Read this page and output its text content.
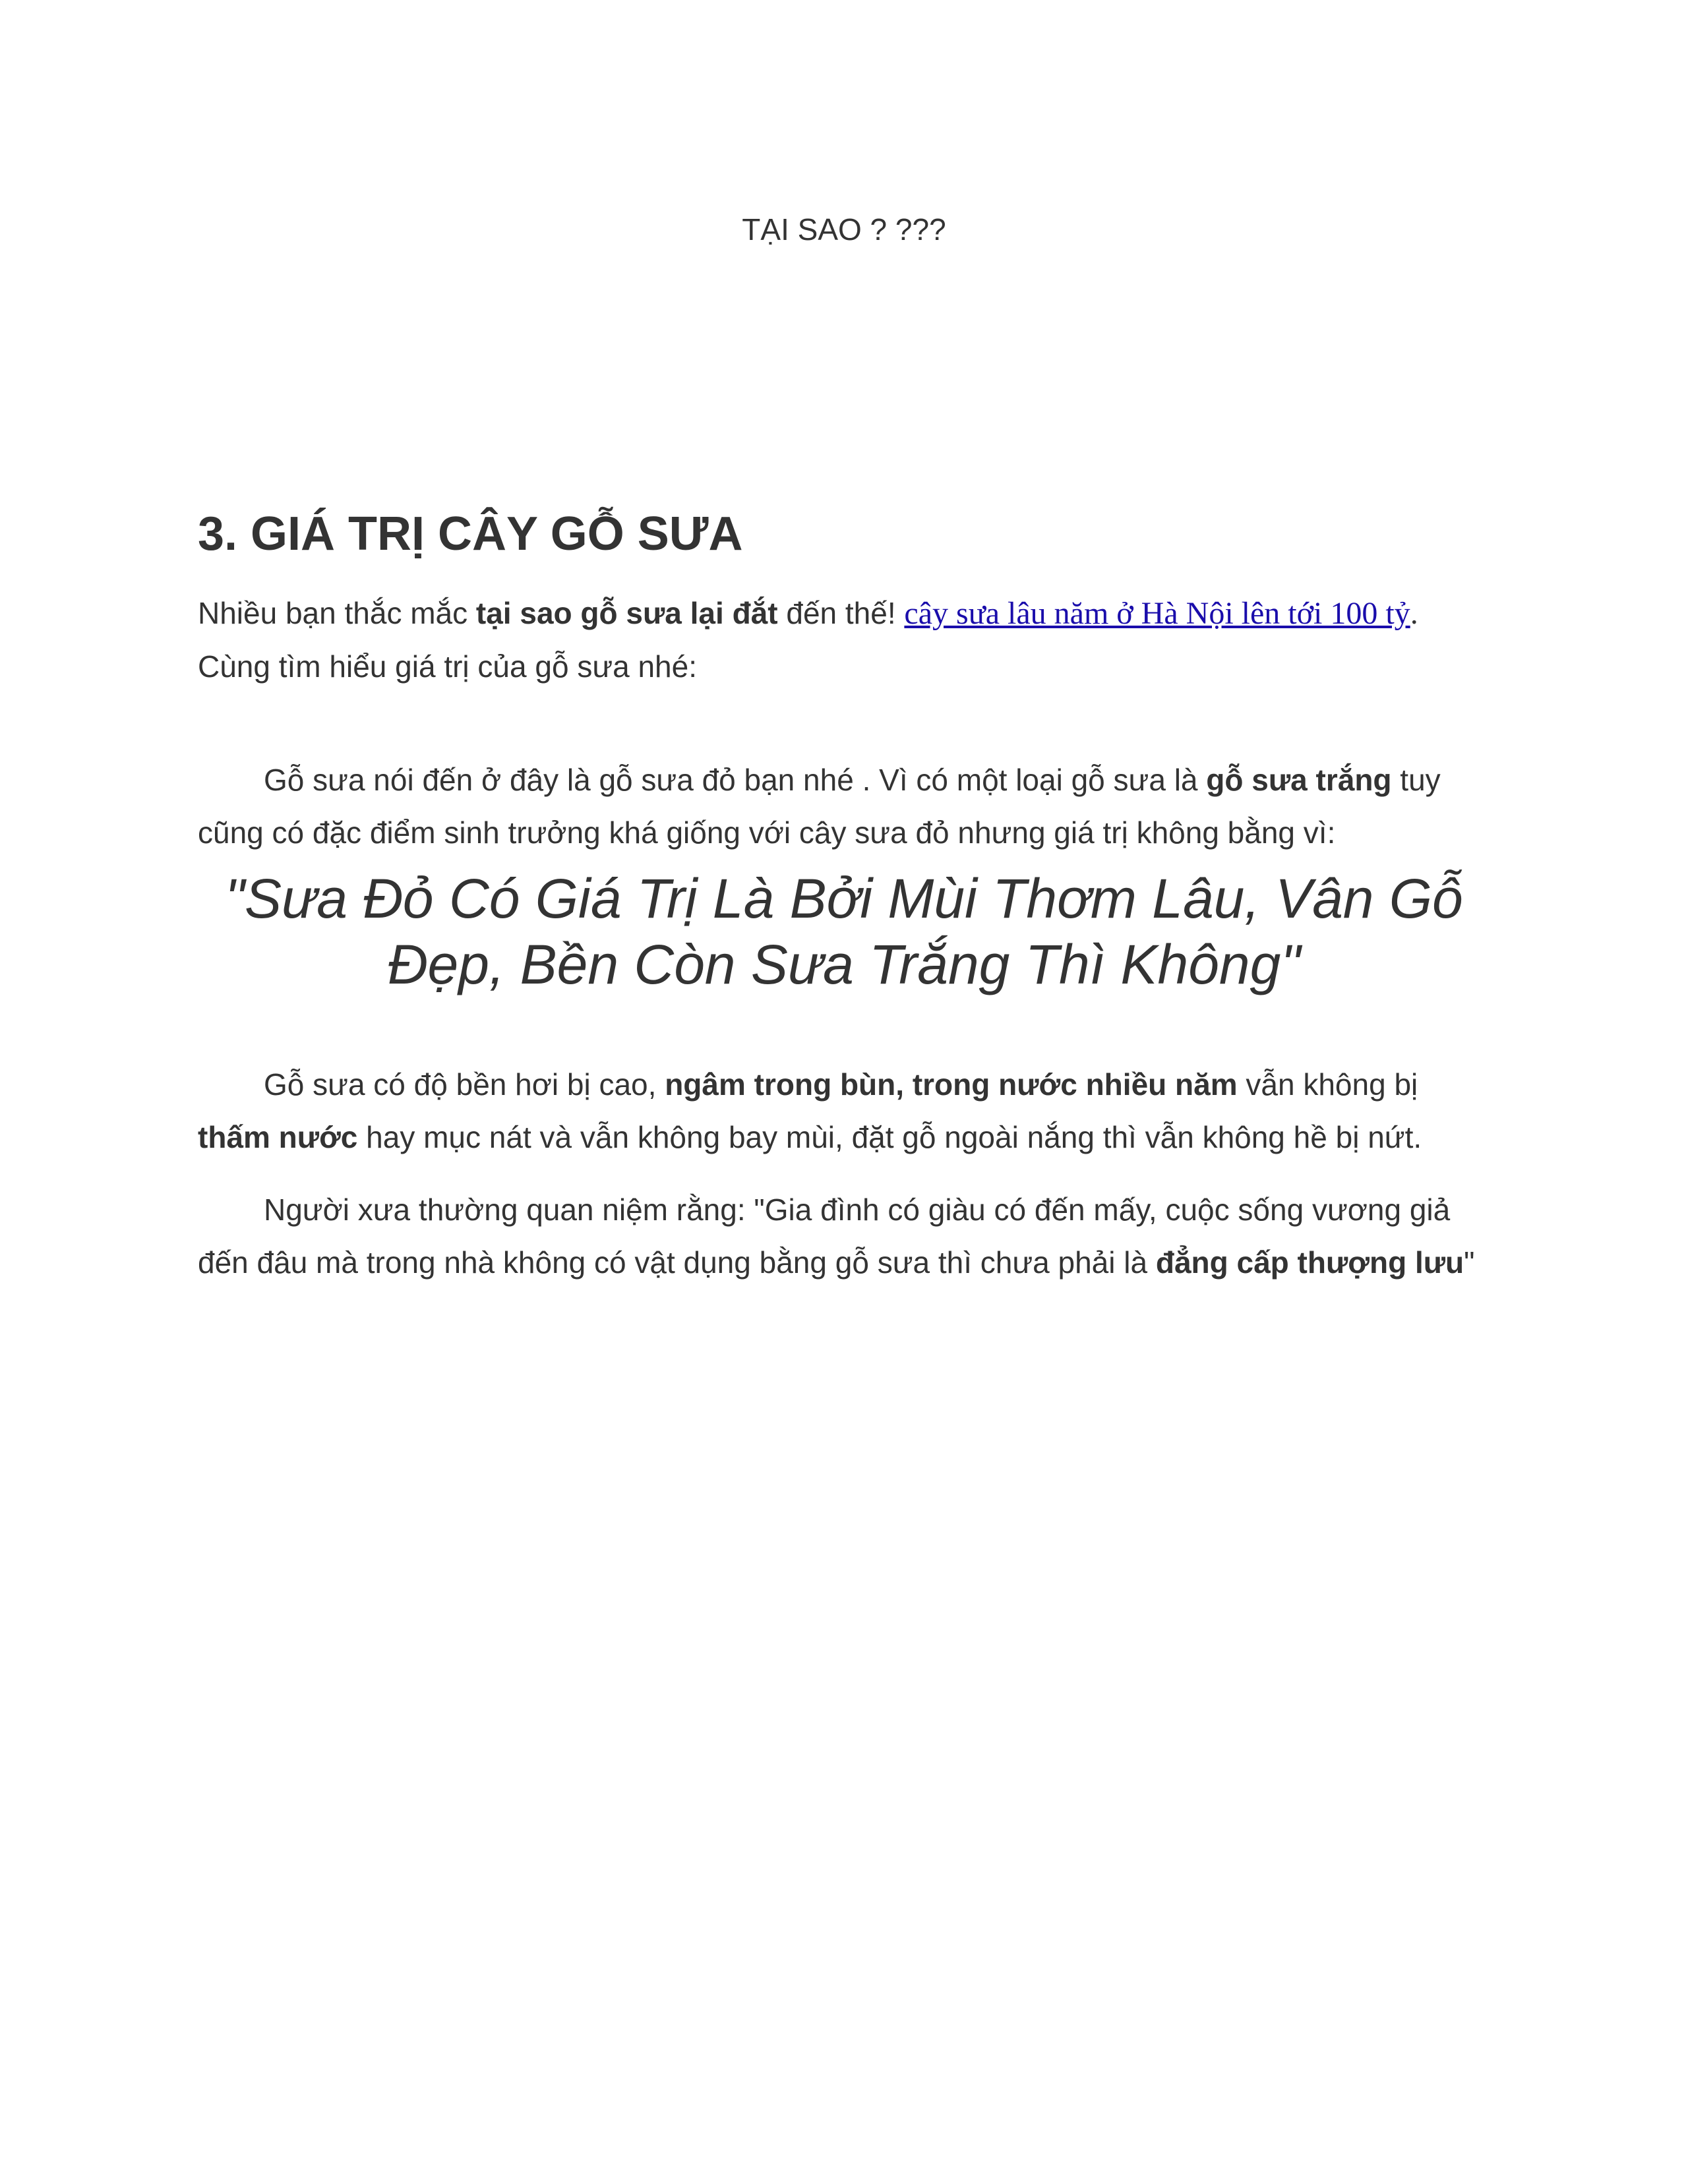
TẠI SAO ? ???
3. GIÁ TRỊ CÂY GỖ SƯA

Nhiều bạn thắc mắc tại sao gỗ sưa lại đắt đến thế! cây sưa lâu năm ở Hà Nội lên tới 100 tỷ.

Cùng tìm hiểu giá trị của gỗ sưa nhé:

Gỗ sưa nói đến ở đây là gỗ sưa đỏ bạn nhé . Vì có một loại gỗ sưa là gỗ sưa trắng tuy cũng có đặc điểm sinh trưởng khá giống với cây sưa đỏ nhưng giá trị không bằng vì:

"Sưa Đỏ Có Giá Trị Là Bởi Mùi Thơm Lâu, Vân Gỗ Đẹp, Bền Còn Sưa Trắng Thì Không"

Gỗ sưa có độ bền hơi bị cao, ngâm trong bùn, trong nước nhiều năm vẫn không bị thấm nước hay mục nát và vẫn không bay mùi, đặt gỗ ngoài nắng thì vẫn không hề bị nứt.

Người xưa thường quan niệm rằng: "Gia đình có giàu có đến mấy, cuộc sống vương giả đến đâu mà trong nhà không có vật dụng bằng gỗ sưa thì chưa phải là đẳng cấp thượng lưu"
